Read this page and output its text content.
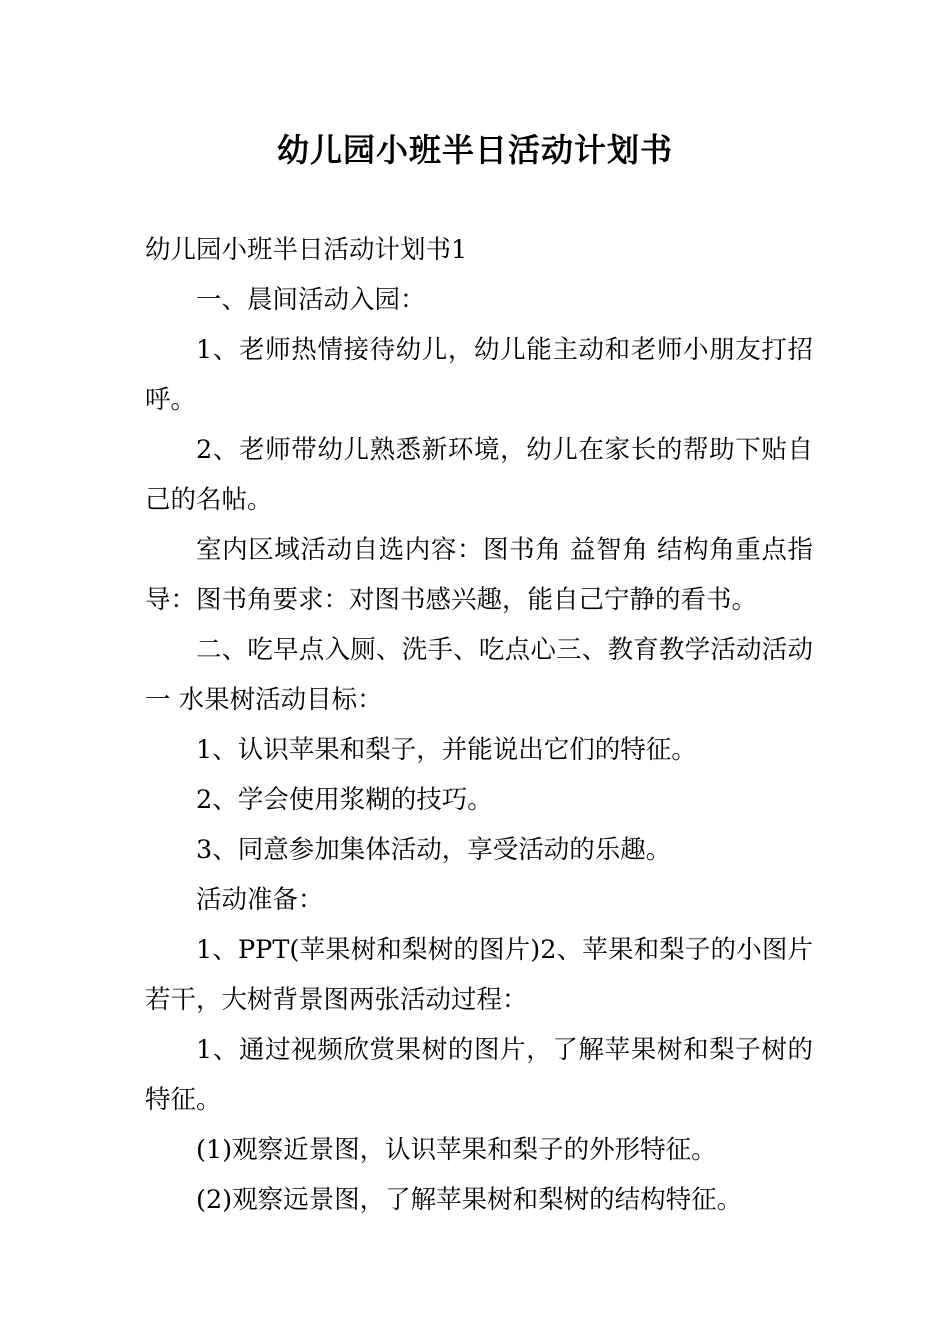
幼儿园小班半日活动计划书

幼儿园小班半日活动计划书1

一、晨间活动入园：

1、老师热情接待幼儿，幼儿能主动和老师小朋友打招呼。

2、老师带幼儿熟悉新环境，幼儿在家长的帮助下贴自己的名帖。

室内区域活动自选内容：图书角 益智角 结构角重点指导：图书角要求：对图书感兴趣，能自己宁静的看书。

二、吃早点入厕、洗手、吃点心三、教育教学活动活动一 水果树活动目标：

1、认识苹果和梨子，并能说出它们的特征。

2、学会使用浆糊的技巧。

3、同意参加集体活动，享受活动的乐趣。

活动准备：

1、PPT(苹果树和梨树的图片)2、苹果和梨子的小图片若干，大树背景图两张活动过程：

1、通过视频欣赏果树的图片，了解苹果树和梨子树的特征。

(1)观察近景图，认识苹果和梨子的外形特征。

(2)观察远景图，了解苹果树和梨树的结构特征。
